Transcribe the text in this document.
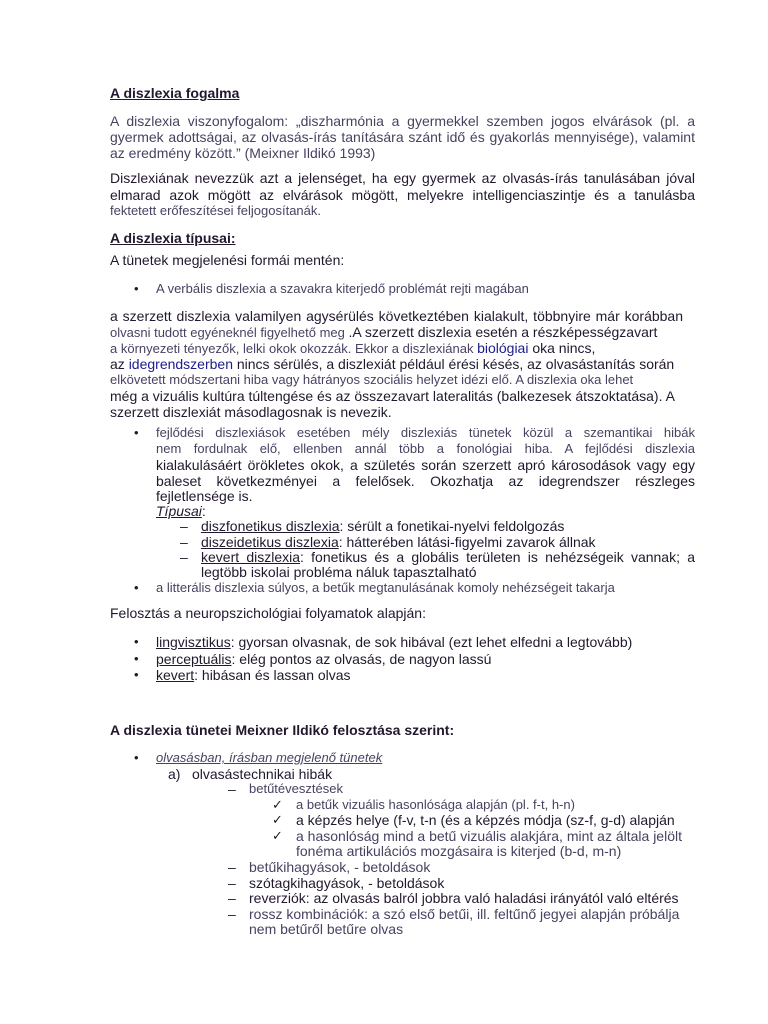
A diszlexia fogalma
A diszlexia viszonyfogalom: „diszharmónia a gyermekkel szemben jogos elvárások (pl. a
gyermek adottságai, az olvasás-írás tanítására szánt idő és gyakorlás mennyisége), valamint
az eredmény között.” (Meixner Ildikó 1993)
Diszlexiának nevezzük azt a jelenséget, ha egy gyermek az olvasás-írás tanulásában jóval
elmarad azok mögött az elvárások mögött, melyekre intelligenciaszintje és a tanulásba
fektetett erőfeszítései feljogosítanák.
A diszlexia típusai:
A tünetek megjelenési formái mentén:
• A verbális diszlexia a szavakra kiterjedő problémát rejti magában
a szerzett diszlexia valamilyen agysérülés következtében kialakult, többnyire már korábban
olvasni tudott egyéneknél figyelhető meg .A szerzett diszlexia esetén a részképességzavart
a környezeti tényezők, lelki okok okozzák. Ekkor a diszlexiának biológiai oka nincs,
az idegrendszerben nincs sérülés, a diszlexiát például érési késés, az olvasástanítás során
elkövetett módszertani hiba vagy hátrányos szociális helyzet idézi elő. A diszlexia oka lehet
még a vizuális kultúra túltengése és az összezavart lateralitás (balkezesek átszoktatása). A
szerzett diszlexiát másodlagosnak is nevezik.
• fejlődési diszlexiások esetében mély diszlexiás tünetek közül a szemantikai hibák
nem fordulnak elő, ellenben annál több a fonológiai hiba. A fejlődési diszlexia
kialakulásáért örökletes okok, a születés során szerzett apró károsodások vagy egy
baleset következményei a felelősek. Okozhatja az idegrendszer részleges
fejletlensége is.
Típusai:
– diszfonetikus diszlexia: sérült a fonetikai-nyelvi feldolgozás
– diszeidetikus diszlexia: hátterében látási-figyelmi zavarok állnak
– kevert diszlexia: fonetikus és a globális területen is nehézségeik vannak; a
legtöbb iskolai probléma náluk tapasztalható
• a litterális diszlexia súlyos, a betűk megtanulásának komoly nehézségeit takarja
Felosztás a neuropszichológiai folyamatok alapján:
• lingvisztikus: gyorsan olvasnak, de sok hibával (ezt lehet elfedni a legtovább)
• perceptuális: elég pontos az olvasás, de nagyon lassú
• kevert: hibásan és lassan olvas
A diszlexia tünetei Meixner Ildikó felosztása szerint:
• olvasásban, írásban megjelenő tünetek
a) olvasástechnikai hibák
– betűtévesztések
✓ a betűk vizuális hasonlósága alapján (pl. f-t, h-n)
✓ a képzés helye (f-v, t-n (és a képzés módja (sz-f, g-d) alapján
✓ a hasonlóság mind a betű vizuális alakjára, mint az általa jelölt
fonéma artikulációs mozgásaira is kiterjed (b-d, m-n)
– betűkihagyások, - betoldások
– szótagkihagyások, - betoldások
– reverziók: az olvasás balról jobbra való haladási irányától való eltérés
– rossz kombinációk: a szó első betűi, ill. feltűnő jegyei alapján próbálja
nem betűről betűre olvas
